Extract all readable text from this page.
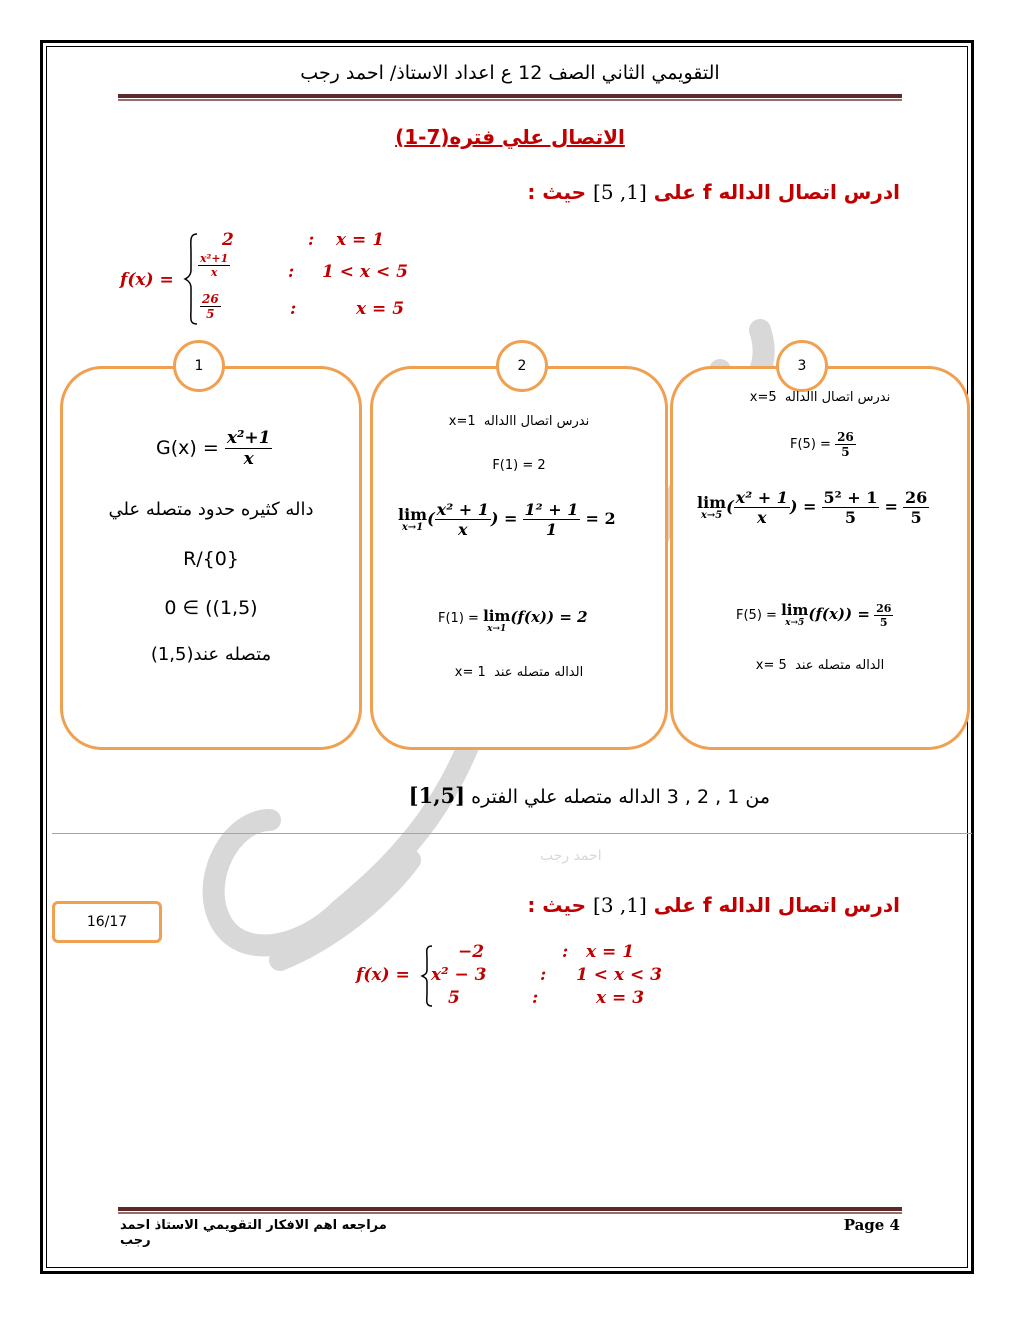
احمد رجب
التقويمي الثاني الصف 12 ع اعداد الاستاذ/ احمد رجب
الاتصال علي فتره(7-1)
ادرس اتصال الداله f على [1, 5] حيث :
f(x) =
2	: x = 1
$\frac{\text{x²+1}}{x}$	: 1 < x < 5
$\frac{26}{5}$	:	x = 5
1
$G(x) = \frac{\text{x²+1}}{x}$
داله كثيره حدود متصله علي
R/{0}
0 ∈ ((1,5)
متصله عند(1,5)
2
x=1 ندرس اتصال االداله
F(1) = 2
lim
x→1 ( $\frac{\text{x² + 1}}{x}$ ) = $\frac{\text{1² + 1}}{1} = 2$
F(1) = lim
x→1
(f(x)) = 2
x= 1 الداله متصله عند
3
x=5 ندرس اتصال االداله
$F(5) = \frac{26}{5}$
lim
x→5 ( $\frac{\text{x² + 1}}{x}$ ) = $\frac{\text{5² + 1}}{5} = \frac{26}{5}$
F(5) = lim
x→5 $(f(x)) = \frac{26}{5}$
x= 5 الداله متصله عند
من 1 , 2 , 3 الداله متصله علي الفتره [1,5]
16/17
ادرس اتصال الداله f على [1, 3] حيث :
f(x) =
−2	: x = 1
x² − 3	: 1 < x < 3
5	:	x = 3
مراجعه اهم الافكار التقويمي الاستاذ احمد رجب
Page 4
